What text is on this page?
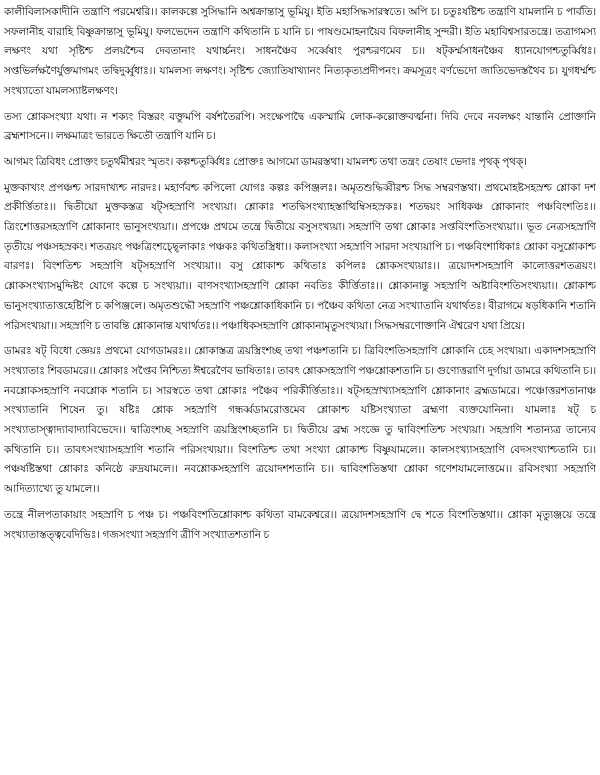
কালীবিলাসকাদীনি তন্ত্রাণি পরমেশ্বরি।। কালকল্পে সুসিদ্ধানি অশ্বক্রান্তাসু ভূমিযু। ইতি মহাসিদ্ধসারস্বতে। অপি চ। চতুঃষষ্টিশ্চ তন্ত্রাণি যামলানি চ পার্বতি। সফলানীহ বারাহি বিষ্ণুক্রান্তাসু ভূমিযু। ফলভেদেন তন্ত্রাণি কথিতানি চ যানি চ। পাষণ্ডমোহনায়ৈব বিফলানীহ সুন্দরী। ইতি মহাবিশ্বসারতন্ত্রে। তত্রাগমস্য লক্ষণং যথা সৃষ্টিশ্চ প্রলয়শ্চৈব দেবতানাং যথার্চ্চনং। সাধনঞ্চৈব সর্ব্বেষাং পুরশ্চরণমেব চ।। ষট্কর্ম্মসাধনঞ্চৈব ধ্যানযোগশ্চতুর্ব্বিধঃ। সপ্তভির্লক্ষণৈর্যুক্তমাগমং তদ্বিদুর্ব্বুধাঃ।। যামলস্য লক্ষণং। সৃষ্টিশ্চ জ্যোতিষাখ্যানং নিত্যকৃত্যপ্রদীপনং। ক্রমসূত্রং বর্ণভেদো জাতিভেদস্তথৈব চ। যুগধর্ম্মশ্চ সংখ্যাতো যামলস্যাষ্টলক্ষণং।

তস্য শ্লোকসংখ্যা যথা। ন শক্যং বিস্তরং বক্তুমপি বর্ষশতৈরপি। সংক্ষেপাদ্বৈ একস্মামি লোক-কল্লোক্তবর্ত্মনা। দিবি দেবে নবলক্ষং যান্তানি প্রোক্তানি ব্রহ্মশাসনে।। লক্ষমাত্রং ভারতে ক্ষিতৌ তন্ত্রাণি যানি চ।

আগমং ত্রিবিধং প্রোক্তং চতুর্থমীশ্বরং স্মৃতং। কল্পশ্চতুর্ব্বিধঃ প্রোক্তঃ আগমো ডামরস্তথা। যামলশ্চ তথা তন্ত্রং তেষাং ভেদাঃ পৃথক্ পৃথক্।

মুক্তকাখ্যং প্রপঞ্চশ্চ সারদাখ্যশ্চ নারদঃ। মহার্ণবশ্চ কপিলো যোগঃ কল্পঃ কপিঞ্জলঃ। অমৃতশুদ্ধিব্বীরশ্চ সিদ্ধ সম্বরণস্তথা। প্রথমোহষ্টসহস্রশ্চ শ্লোকা দশ প্রকীর্ত্তিতাঃ।। দ্বিতীয়ো মুক্তকস্তত্র ষট্‌সহস্রাণি সংখ্যয়া। শ্লোকাঃ শতদ্বিসংখ্যাহস্তাত্থিম্বিসহস্রকঃ। শতদ্বয়ং সাধিকঞ্চ শ্লোকানাং পঞ্চবিংশতিঃ।। ত্রিংশোত্তরসহস্রাণি শ্লোকানাং ভানুসংখ্যয়া।। প্রপঞ্চে প্রথমে তন্ত্রে দ্বিতীয়ে বসুসংখ্যয়া। সহস্রাণি তথা শ্লোকাঃ সপ্তবিংশতিসংখ্যয়া।। ভূত নেত্রসহস্রাণি তৃতীয়ে পঞ্চসহস্রকং। শতত্রয়ং পঞ্চত্রিংশচ্ছ্লোকাঃ পঞ্চকঃ কথিতস্ত্রিধা।। কলাসংখ্যা সহস্রাণি সারদা সংখ্যয়াপি চ। পঞ্চবিংশাধিকাঃ শ্লোকা বসুশ্লোকাশ্চ বারণঃ। বিংশতিশ্চ সহস্রাণি ষট্‌সহস্রাণি সংখ্যয়া।। বসু শ্লোকাশ্চ কথিতাঃ কপিলঃ শ্লোকসংখ্যয়াঃ।। ত্রয়োদশসহস্রাণি কালোত্তরশতত্রয়ং। শ্লোকসংখ্যাসমুদ্দিষ্টং যোগে কল্পে চ সংখ্যয়া।। বাণসংখ্যাসহস্রাণি শ্লোকা নবতিঃ কীর্ত্তিতাঃ।। শ্লোকানান্তু সহস্রাণি অষ্টাবিংশতিসংখ্যয়া।। শ্লোকাশ্চ ভানুসংখ্যাতাত্তহেষ্টিপি চ কপিঞ্জলে। অমৃতশুদ্ধৌ সহস্রাণি পঞ্চশ্লোকাধিকানি চ। পঞ্চৈব কথিতা নেত্র সংখ্যাতানি যথার্থতঃ। বীরাগমে ষড়ধিকানি শতানি পরিসংখ্যয়া।। সহস্রাণি চ তাবন্তি শ্লোকানান্ত যথার্থতঃ।। পঞ্চাধিকসহস্রাণি শ্লোকানামৃতুসংখ্যয়া। সিদ্ধসম্বরণোক্তানি ঐশ্বরেণ যথা প্রিয়ে।

ডামরঃ ষট্ বিধো জ্ঞেয়ঃ প্রথমো যোগডামরঃ।। শ্লোকাস্তত্র ত্রয়স্ত্রিংশচ্ছ তথা পঞ্চশতানি চ। ত্রিবিংশতিসহস্রাণি শ্লোকানি চেহ সংখ্যয়া। একাদশসহস্রাণি সংখ্যাতাঃ শিবডামরে।। শ্লোকাঃ সপ্তৈব নিশ্চিত্য ঈশ্বরেণৈব ভাষিতাঃ। তাবৎ শ্লোকসহস্রাণি পঞ্চশ্লোকশতানি চ। গুণোত্তরাণি দুর্গায়া ডামরে কথিতানি চ।। নবশ্লোকসহস্রাণি নবশ্লোক শতানি চ। সারস্বতে তথা শ্লোকাঃ পঞ্চৈব পরিকীর্ত্তিতাঃ।। ষট্‌সহস্রাখ্যাসহস্রাণি শ্লোকানাং ব্রহ্মডামরে। পঞ্চোত্তরশতানাঞ্চ সংখ্যাতানি শিষেন তু। ষষ্টিঃ শ্লোক সহস্রাণি গন্ধর্ব্বডামরোত্তমেব শ্লোকাশ্চ যষ্টিসংখ্যাতা ব্রহ্মণা ব্যক্তযোনিনা। যামলাঃ ষট্ চ সংখ্যাতাস্ত্বাদ্যাবাদ্যাবিভেদে।। দ্বাত্রিংশচ্ছ সহস্রাণি ত্রয়স্ত্রিংশচ্ছতানি চ। দ্বিতীয়ে ব্রহ্ম সংজ্ঞে তু দ্বাবিংশতিশ্চ সংখ্যয়া। সহস্রাণি শতান্যত্র তান্যেব কথিতানি চ।। তাবৎসংখ্যাসহস্রাণি শতানি পরিসংখ্যয়া।। বিংশতিশ্চ তথা সংখ্যা শ্লোকাশ্চ বিষ্ণুযামলে।। কালসংখ্যাসহস্রাণি বেদসংখ্যাশ্চতানি চ।। পঞ্চষষ্টিস্তথা শ্লোকাঃ কনিষ্ঠে রুদ্রযামলে।। নবশ্লোকসহস্রাণি ত্রয়োদশশতানি চ।। দ্বাবিংশতিস্তথা শ্লোকা গণেশযামলোত্তমে।। রবিসংখ্যা সহস্রাণি আদিত্যাখ্যে তু যামলে।।

তন্ত্রে নীলপতাকায়াং সহস্রাণি চ পঞ্চ চ। পঞ্চবিংশতিশ্লোকাশ্চ কথিতা বামকেশ্বরে।। ত্রয়োদশসহস্রাণি দ্বে শতে বিংশতিস্তথা।। শ্লোকা মৃত্যুঞ্জয়ে তন্ত্রে সংখ্যাতাস্তত্ত্ববেদিভিঃ। গজসংখ্যা সহস্রাণি ত্রীণি সংখ্যাতশতানি চ
